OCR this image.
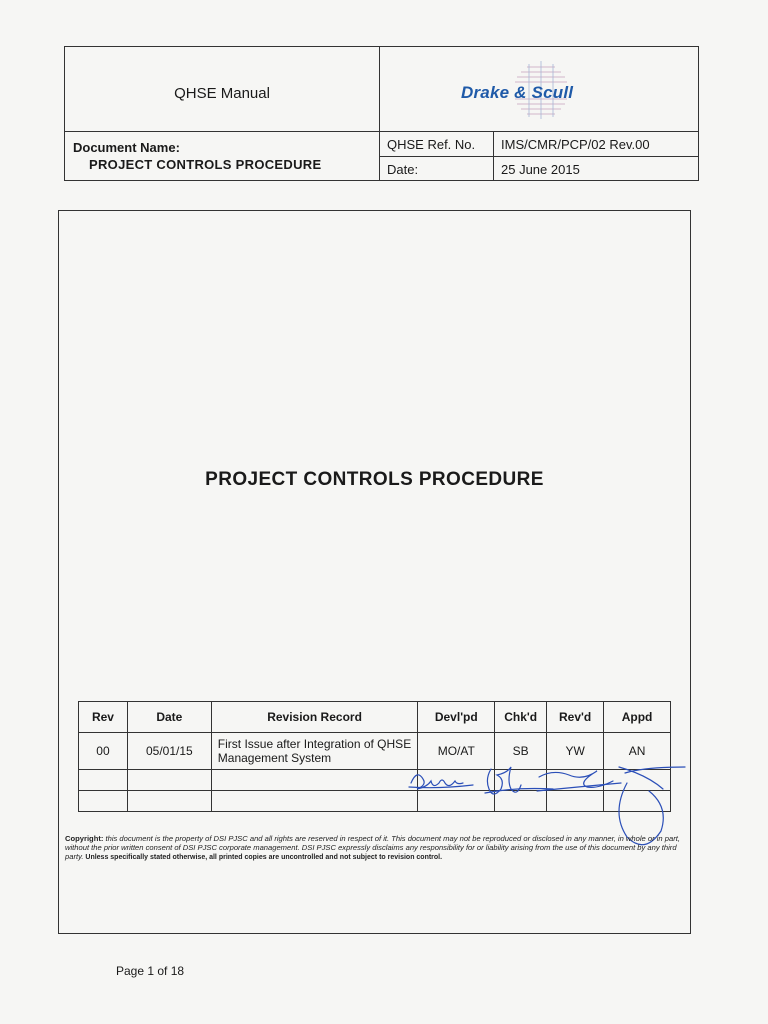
QHSE Manual	Drake & Scull
Document Name:
PROJECT CONTROLS PROCEDURE
QHSE Ref. No. IMS/CMR/PCP/02 Rev.00
Date:	25 June 2015
PROJECT CONTROLS PROCEDURE
Rev	Date	Revision Record	Devl'pd	Chk'd	Rev'd	Appd
00	05/01/15	First Issue after Integration of QHSE Management System	MO/AT	SB	YW	AN

Copyright: this document is the property of DSI PJSC and all rights are reserved in respect of it. This document may not be reproduced or disclosed in any manner, in whole or in part, without the prior written consent of DSI PJSC corporate management. DSI PJSC expressly disclaims any responsibility for or liability arising from the use of this document by any third party. Unless specifically stated otherwise, all printed copies are uncontrolled and not subject to revision control.
Page 1 of 18
